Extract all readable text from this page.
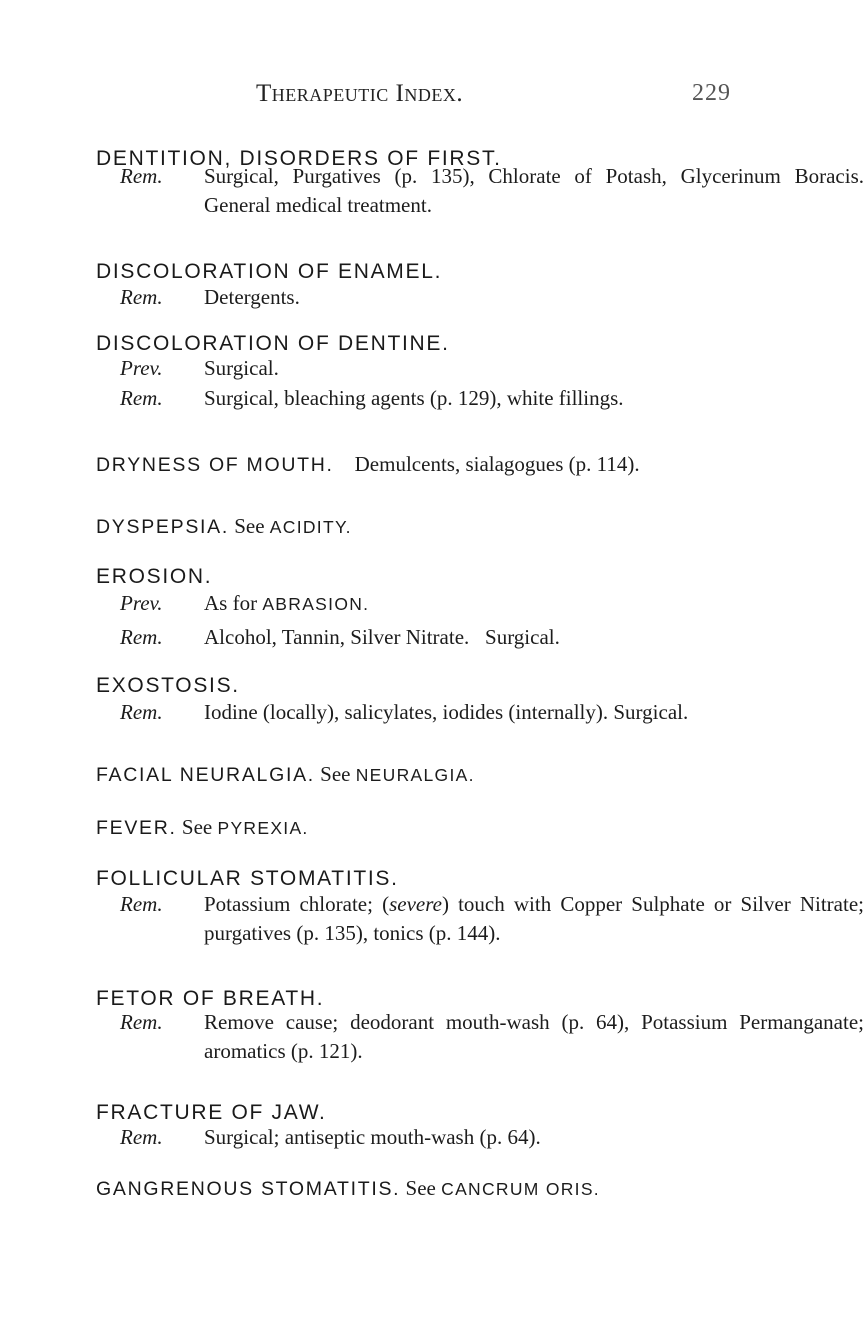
Therapeutic Index.	229
DENTITION, DISORDERS OF FIRST.
Rem. Surgical, Purgatives (p. 135), Chlorate of Potash, Glycerinum Boracis. General medical treatment.
DISCOLORATION OF ENAMEL.
Rem. Detergents.
DISCOLORATION OF DENTINE.
Prev. Surgical.
Rem. Surgical, bleaching agents (p. 129), white fillings.
DRYNESS OF MOUTH. Demulcents, sialagogues (p. 114).
DYSPEPSIA. See ACIDITY.
EROSION.
Prev. As for ABRASION.
Rem. Alcohol, Tannin, Silver Nitrate.   Surgical.
EXOSTOSIS.
Rem. Iodine (locally), salicylates, iodides (internally). Surgical.
FACIAL NEURALGIA. See NEURALGIA.
FEVER. See PYREXIA.
FOLLICULAR STOMATITIS.
Rem. Potassium chlorate; (severe) touch with Copper Sulphate or Silver Nitrate; purgatives (p. 135), tonics (p. 144).
FETOR OF BREATH.
Rem. Remove cause; deodorant mouth-wash (p. 64), Potassium Permanganate; aromatics (p. 121).
FRACTURE OF JAW.
Rem. Surgical; antiseptic mouth-wash (p. 64).
GANGRENOUS STOMATITIS. See CANCRUM ORIS.
